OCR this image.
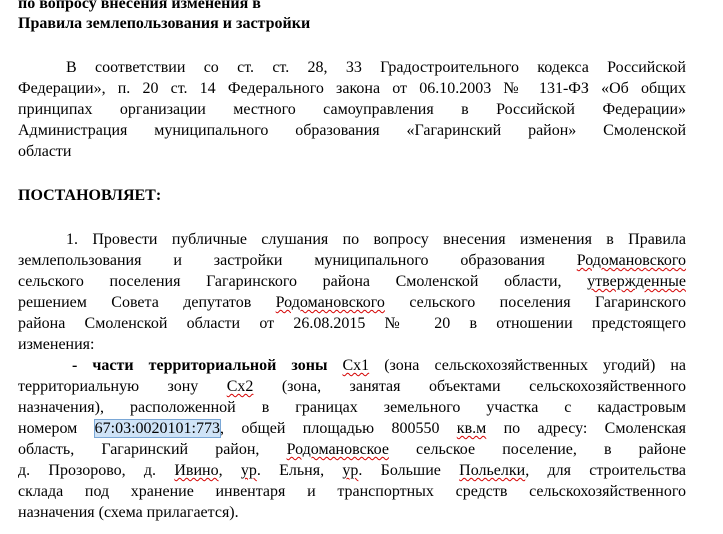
по вопросу внесения изменения в
Правила землепользования и застройки
В соответствии со ст. ст. 28, 33 Градостроительного кодекса Российской
Федерации», п. 20 ст. 14 Федерального закона от 06.10.2003 № 131-ФЗ «Об общих
принципах организации местного самоуправления в Российской Федерации»
Администрация муниципального образования «Гагаринский район» Смоленской
области
ПОСТАНОВЛЯЕТ:
1. Провести публичные слушания по вопросу внесения изменения в Правила
землепользования и застройки муниципального образования Родомановского
сельского поселения Гагаринского района Смоленской области, утвержденные
решением Совета депутатов Родомановского сельского поселения Гагаринского
района Смоленской области от 26.08.2015 № 20 в отношении предстоящего
изменения:
- части территориальной зоны Сх1 (зона сельскохозяйственных угодий) на
территориальную зону Сх2 (зона, занятая объектами сельскохозяйственного
назначения), расположенной в границах земельного участка с кадастровым
номером 67:03:0020101:773, общей площадью 800550 кв.м по адресу: Смоленская
область, Гагаринский район, Родомановское сельское поселение, в районе
д. Прозорово, д. Ивино, ур. Ельня, ур. Большие Польелки, для строительства
склада под хранение инвентаря и транспортных средств сельскохозяйственного
назначения (схема прилагается).
